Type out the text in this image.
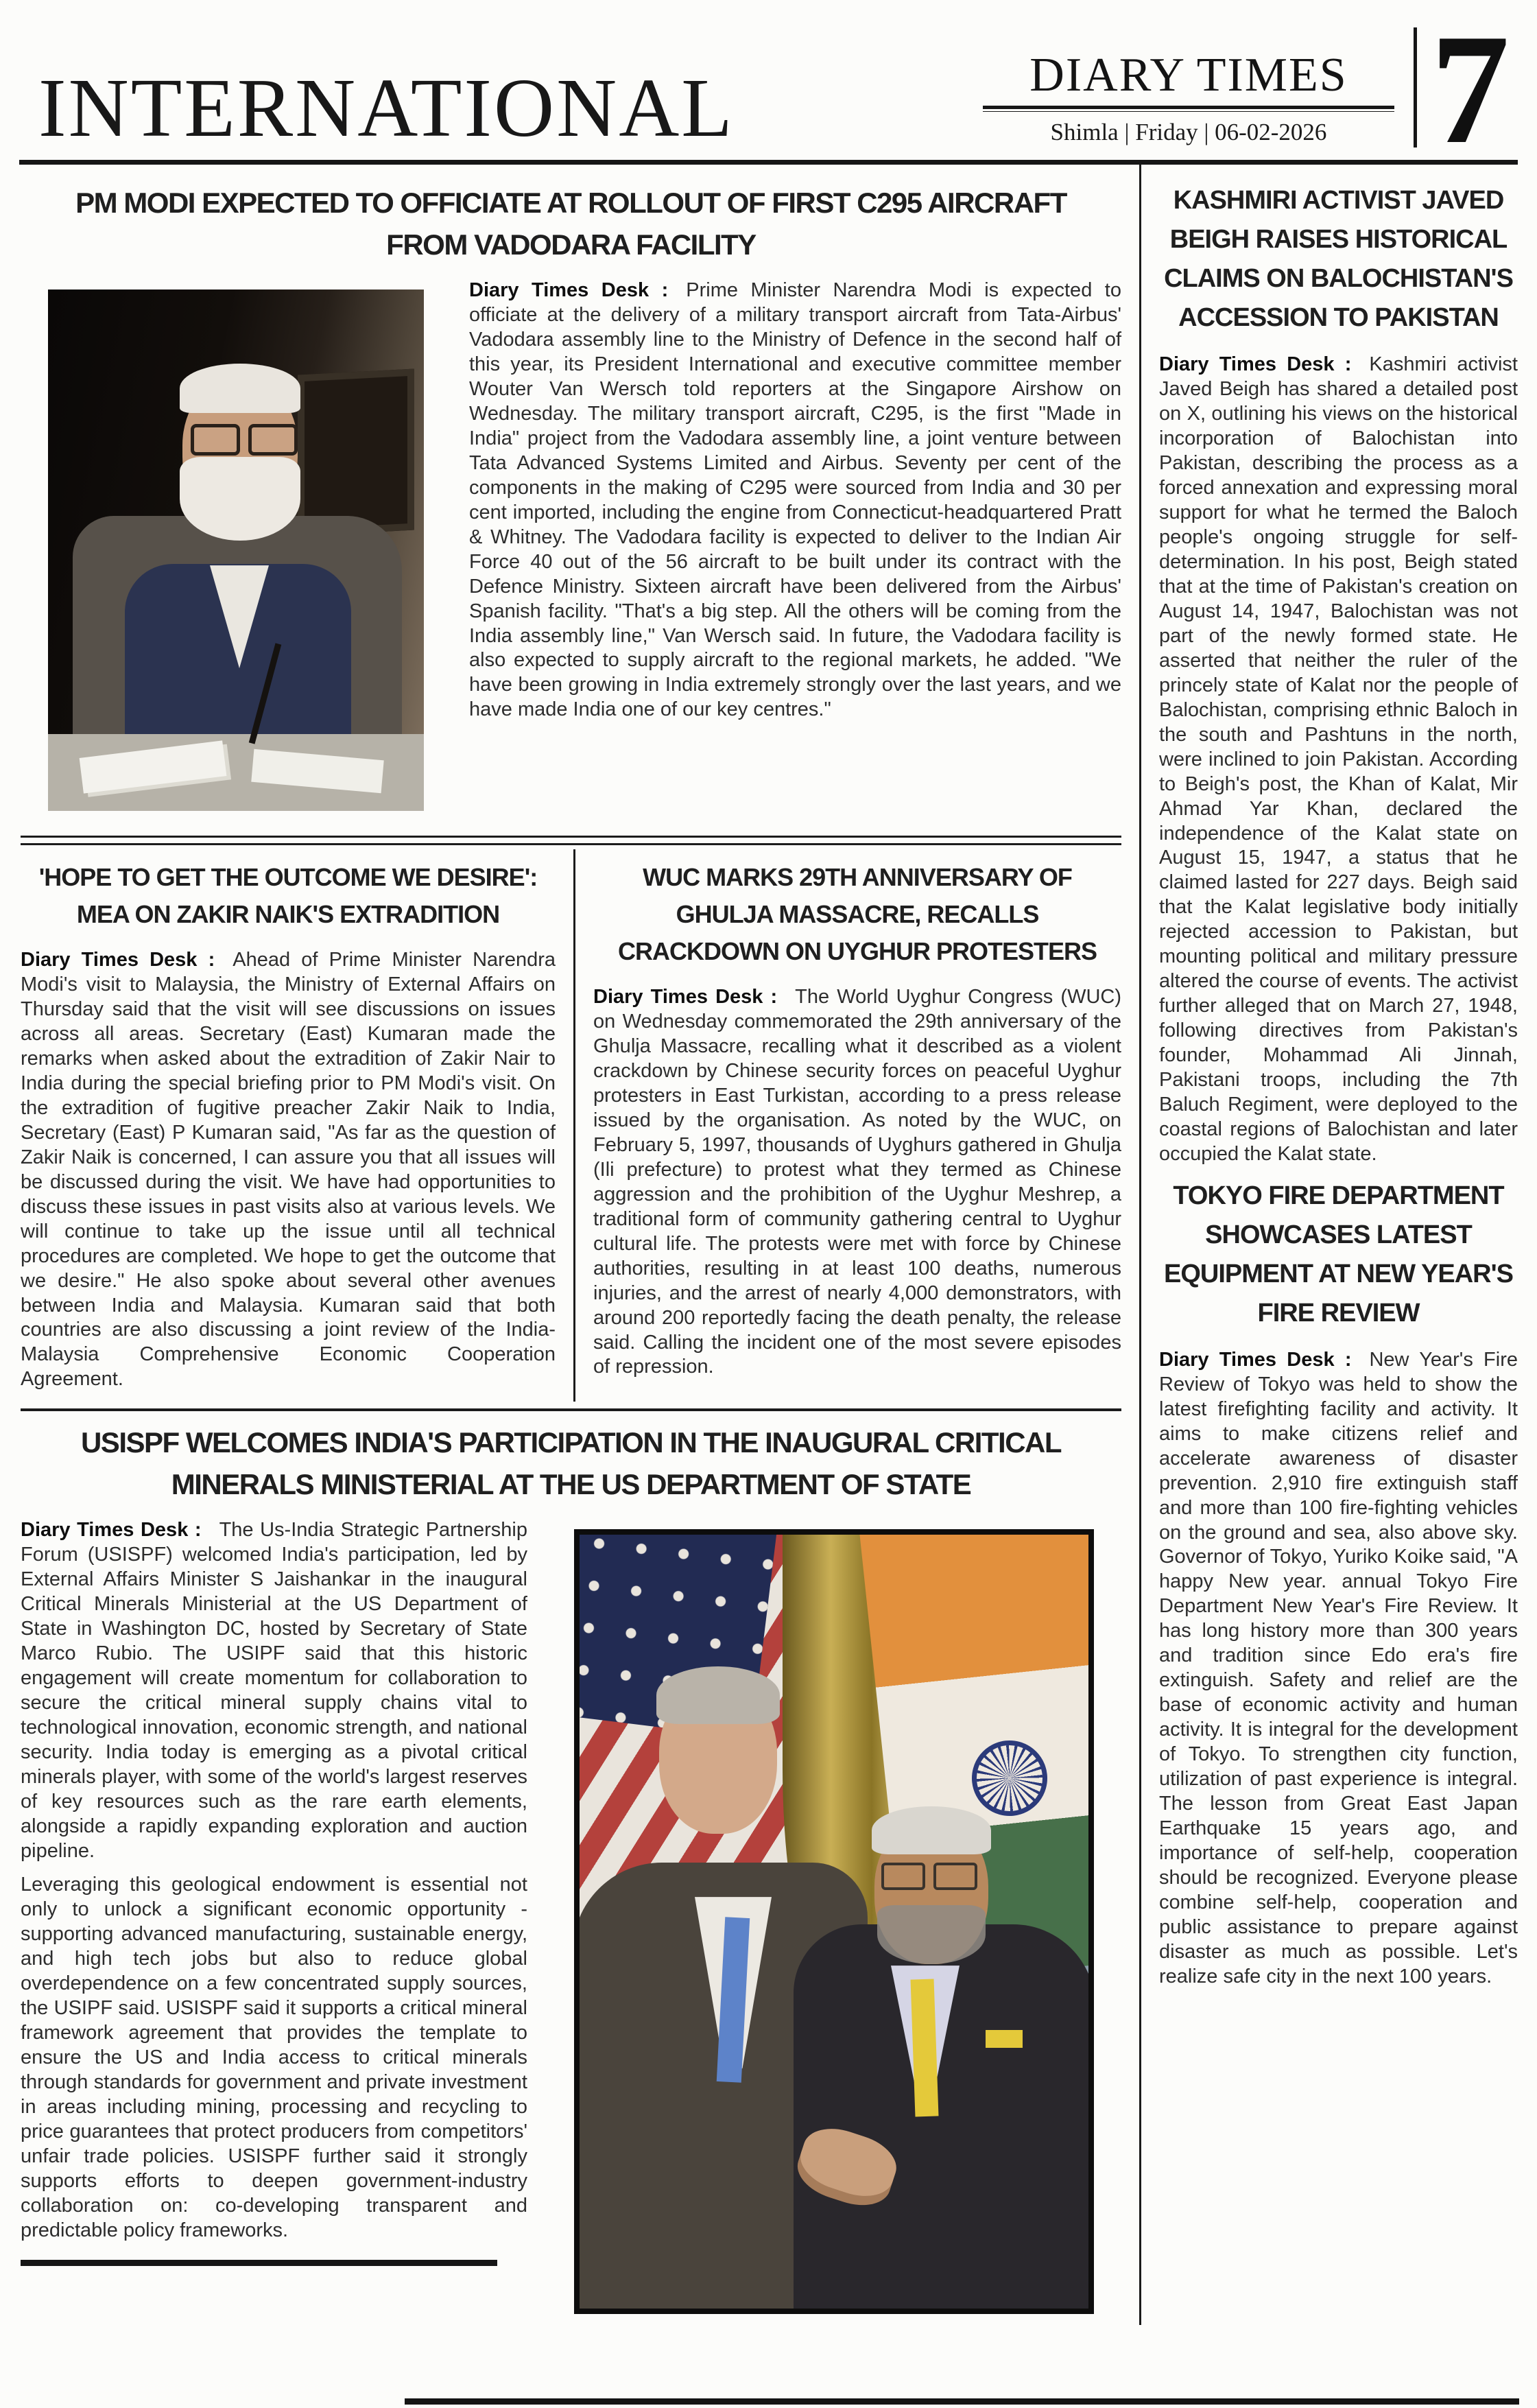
INTERNATIONAL	DIARY TIMES
Shimla | Friday | 06-02-2026 7
PM MODI EXPECTED TO OFFICIATE AT ROLLOUT OF FIRST C295 AIRCRAFT FROM VADODARA FACILITY

Diary Times Desk : Prime Minister Narendra Modi is expected to officiate at the delivery of a military transport aircraft from Tata-Airbus' Vadodara assembly line to the Ministry of Defence in the second half of this year, its President International and executive committee member Wouter Van Wersch told reporters at the Singapore Airshow on Wednesday. The military transport aircraft, C295, is the first "Made in India" project from the Vadodara assembly line, a joint venture between Tata Advanced Systems Limited and Airbus. Seventy per cent of the components in the making of C295 were sourced from India and 30 per cent imported, including the engine from Connecticut-headquartered Pratt & Whitney. The Vadodara facility is expected to deliver to the Indian Air Force 40 out of the 56 aircraft to be built under its contract with the Defence Ministry. Sixteen aircraft have been delivered from the Airbus' Spanish facility. "That's a big step. All the others will be coming from the India assembly line," Van Wersch said. In future, the Vadodara facility is also expected to supply aircraft to the regional markets, he added. "We have been growing in India extremely strongly over the last years, and we have made India one of our key centres."

'HOPE TO GET THE OUTCOME WE DESIRE': MEA ON ZAKIR NAIK'S EXTRADITION

Diary Times Desk : Ahead of Prime Minister Narendra Modi's visit to Malaysia, the Ministry of External Affairs on Thursday said that the visit will see discussions on issues across all areas. Secretary (East) Kumaran made the remarks when asked about the extradition of Zakir Nair to India during the special briefing prior to PM Modi's visit. On the extradition of fugitive preacher Zakir Naik to India, Secretary (East) P Kumaran said, "As far as the question of Zakir Naik is concerned, I can assure you that all issues will be discussed during the visit. We have had opportunities to discuss these issues in past visits also at various levels. We will continue to take up the issue until all technical procedures are completed. We hope to get the outcome that we desire." He also spoke about several other avenues between India and Malaysia. Kumaran said that both countries are also discussing a joint review of the India-Malaysia Comprehensive Economic Cooperation Agreement.

WUC MARKS 29TH ANNIVERSARY OF GHULJA MASSACRE, RECALLS CRACKDOWN ON UYGHUR PROTESTERS

Diary Times Desk : The World Uyghur Congress (WUC) on Wednesday commemorated the 29th anniversary of the Ghulja Massacre, recalling what it described as a violent crackdown by Chinese security forces on peaceful Uyghur protesters in East Turkistan, according to a press release issued by the organisation. As noted by the WUC, on February 5, 1997, thousands of Uyghurs gathered in Ghulja (Ili prefecture) to protest what they termed as Chinese aggression and the prohibition of the Uyghur Meshrep, a traditional form of community gathering central to Uyghur cultural life. The protests were met with force by Chinese authorities, resulting in at least 100 deaths, numerous injuries, and the arrest of nearly 4,000 demonstrators, with around 200 reportedly facing the death penalty, the release said. Calling the incident one of the most severe episodes of repression.

USISPF WELCOMES INDIA'S PARTICIPATION IN THE INAUGURAL CRITICAL MINERALS MINISTERIAL AT THE US DEPARTMENT OF STATE

Diary Times Desk : The Us-India Strategic Partnership Forum (USISPF) welcomed India's participation, led by External Affairs Minister S Jaishankar in the inaugural Critical Minerals Ministerial at the US Department of State in Washington DC, hosted by Secretary of State Marco Rubio. The USIPF said that this historic engagement will create momentum for collaboration to secure the critical mineral supply chains vital to technological innovation, economic strength, and national security. India today is emerging as a pivotal critical minerals player, with some of the world's largest reserves of key resources such as the rare earth elements, alongside a rapidly expanding exploration and auction pipeline.

Leveraging this geological endowment is essential not only to unlock a significant economic opportunity - supporting advanced manufacturing, sustainable energy, and high tech jobs but also to reduce global overdependence on a few concentrated supply sources, the USIPF said. USISPF said it supports a critical mineral framework agreement that provides the template to ensure the US and India access to critical minerals through standards for government and private investment in areas including mining, processing and recycling to price guarantees that protect producers from competitors' unfair trade policies. USISPF further said it strongly supports efforts to deepen government-industry collaboration on: co-developing transparent and predictable policy frameworks.

KASHMIRI ACTIVIST JAVED BEIGH RAISES HISTORICAL CLAIMS ON BALOCHISTAN'S ACCESSION TO PAKISTAN

Diary Times Desk : Kashmiri activist Javed Beigh has shared a detailed post on X, outlining his views on the historical incorporation of Balochistan into Pakistan, describing the process as a forced annexation and expressing moral support for what he termed the Baloch people's ongoing struggle for self-determination. In his post, Beigh stated that at the time of Pakistan's creation on August 14, 1947, Balochistan was not part of the newly formed state. He asserted that neither the ruler of the princely state of Kalat nor the people of Balochistan, comprising ethnic Baloch in the south and Pashtuns in the north, were inclined to join Pakistan. According to Beigh's post, the Khan of Kalat, Mir Ahmad Yar Khan, declared the independence of the Kalat state on August 15, 1947, a status that he claimed lasted for 227 days. Beigh said that the Kalat legislative body initially rejected accession to Pakistan, but mounting political and military pressure altered the course of events. The activist further alleged that on March 27, 1948, following directives from Pakistan's founder, Mohammad Ali Jinnah, Pakistani troops, including the 7th Baluch Regiment, were deployed to the coastal regions of Balochistan and later occupied the Kalat state.

TOKYO FIRE DEPARTMENT SHOWCASES LATEST EQUIPMENT AT NEW YEAR'S FIRE REVIEW

Diary Times Desk : New Year's Fire Review of Tokyo was held to show the latest firefighting facility and activity. It aims to make citizens relief and accelerate awareness of disaster prevention. 2,910 fire extinguish staff and more than 100 fire-fighting vehicles on the ground and sea, also above sky. Governor of Tokyo, Yuriko Koike said, "A happy New year. annual Tokyo Fire Department New Year's Fire Review. It has long history more than 300 years and tradition since Edo era's fire extinguish. Safety and relief are the base of economic activity and human activity. It is integral for the development of Tokyo. To strengthen city function, utilization of past experience is integral. The lesson from Great East Japan Earthquake 15 years ago, and importance of self-help, cooperation should be recognized. Everyone please combine self-help, cooperation and public assistance to prepare against disaster as much as possible. Let's realize safe city in the next 100 years.
